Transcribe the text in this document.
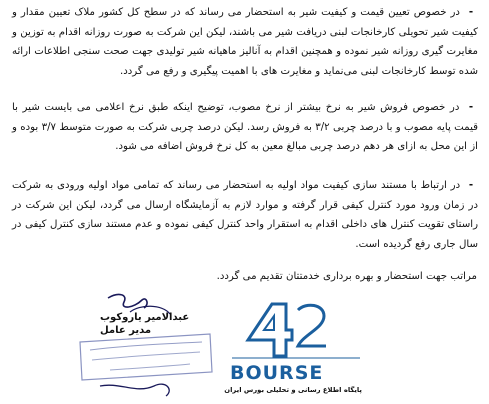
- در خصوص تعیین قیمت و کیفیت شیر به استحضار می رساند که در سطح کل کشور ملاک تعیین مقدار و کیفیت شیر تحویلی کارخانجات لبنی دریافت شیر می باشند، لیکن این شرکت به صورت روزانه اقدام به توزین و مغایرت گیری روزانه شیر نموده و همچنین اقدام به آنالیز ماهیانه شیر تولیدی جهت صحت سنجی اطلاعات ارائه شده توسط کارخانجات لبنی می‌نماید و مغایرت های با اهمیت پیگیری و رفع می گردد.
- در خصوص فروش شیر به نرخ بیشتر از نرخ مصوب، توضیح اینکه طبق نرخ اعلامی می بایست شیر با قیمت پایه مصوب و با درصد چربی ۳/۲ به فروش رسد. لیکن درصد چربی شرکت به صورت متوسط ۳/۷ بوده و از این محل به ازای هر دهم درصد چربی مبالغ معین به کل نرخ فروش اضافه می شود.
- در ارتباط با مستند سازی کیفیت مواد اولیه به استحضار می رساند که تمامی مواد اولیه ورودی به شرکت در زمان ورود مورد کنترل کیفی قرار گرفته و موارد لازم به آزمایشگاه ارسال می گردد، لیکن این شرکت در راستای تقویت کنترل های داخلی اقدام به استقرار واحد کنترل کیفی نموده و عدم مستند سازی کنترل کیفی در سال جاری رفع گردیده است.
مراتب جهت استحضار و بهره برداری خدمتتان تقدیم می گردد.
عبدالامیر یاروکوب
مدیر عامل
BOURSE
پایگاه اطلاع رسانی و تحلیلی بورس ایران
